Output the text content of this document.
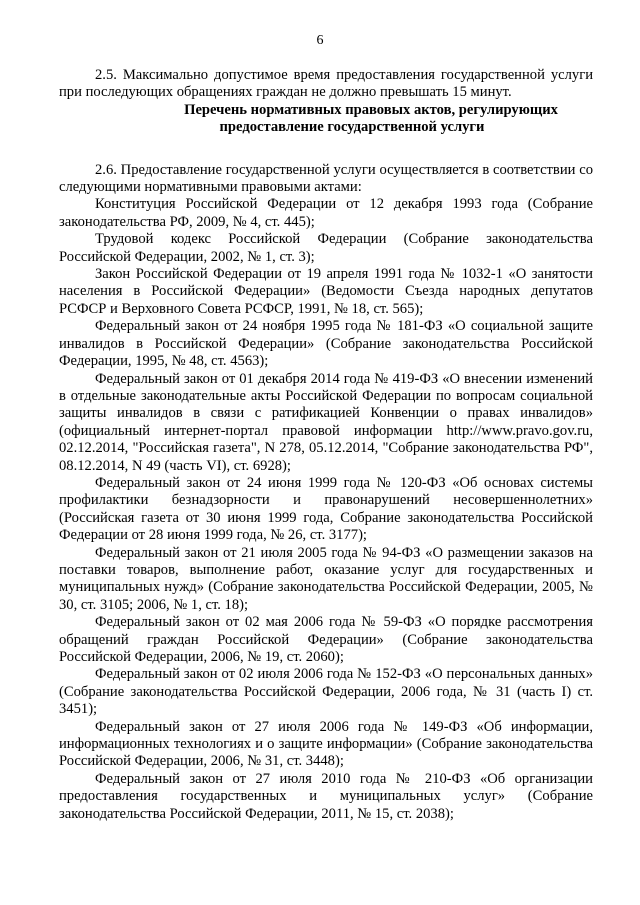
6

2.5. Максимально допустимое время предоставления государственной услуги при последующих обращениях граждан не должно превышать 15 минут.

Перечень нормативных правовых актов, регулирующих
предоставление государственной услуги

2.6. Предоставление государственной услуги осуществляется в соответствии со следующими нормативными правовыми актами:

Конституция Российской Федерации от 12 декабря 1993 года (Собрание законодательства РФ, 2009, № 4, ст. 445);

Трудовой кодекс Российской Федерации (Собрание законодательства Российской Федерации, 2002, № 1, ст. 3);

Закон Российской Федерации от 19 апреля 1991 года № 1032-1 «О занятости населения в Российской Федерации» (Ведомости Съезда народных депутатов РСФСР и Верховного Совета РСФСР, 1991, № 18, ст. 565);

Федеральный закон от 24 ноября 1995 года № 181-ФЗ «О социальной защите инвалидов в Российской Федерации» (Собрание законодательства Российской Федерации, 1995, № 48, ст. 4563);

Федеральный закон от 01 декабря 2014 года № 419-ФЗ «О внесении изменений в отдельные законодательные акты Российской Федерации по вопросам социальной защиты инвалидов в связи с ратификацией Конвенции о правах инвалидов» (официальный интернет-портал правовой информации http://www.pravo.gov.ru, 02.12.2014, "Российская газета", N 278, 05.12.2014, "Собрание законодательства РФ", 08.12.2014, N 49 (часть VI), ст. 6928);

Федеральный закон от 24 июня 1999 года № 120-ФЗ «Об основах системы профилактики безнадзорности и правонарушений несовершеннолетних» (Российская газета от 30 июня 1999 года, Собрание законодательства Российской Федерации от 28 июня 1999 года, № 26, ст. 3177);

Федеральный закон от 21 июля 2005 года № 94-ФЗ «О размещении заказов на поставки товаров, выполнение работ, оказание услуг для государственных и муниципальных нужд» (Собрание законодательства Российской Федерации, 2005, № 30, ст. 3105; 2006, № 1, ст. 18);

Федеральный закон от 02 мая 2006 года № 59-ФЗ «О порядке рассмотрения обращений граждан Российской Федерации» (Собрание законодательства Российской Федерации, 2006, № 19, ст. 2060);

Федеральный закон от 02 июля 2006 года № 152-ФЗ «О персональных данных» (Собрание законодательства Российской Федерации, 2006 года, № 31 (часть I) ст. 3451);

Федеральный закон от 27 июля 2006 года № 149-ФЗ «Об информации, информационных технологиях и о защите информации» (Собрание законодательства Российской Федерации, 2006, № 31, ст. 3448);

Федеральный закон от 27 июля 2010 года № 210-ФЗ «Об организации предоставления государственных и муниципальных услуг» (Собрание законодательства Российской Федерации, 2011, № 15, ст. 2038);
